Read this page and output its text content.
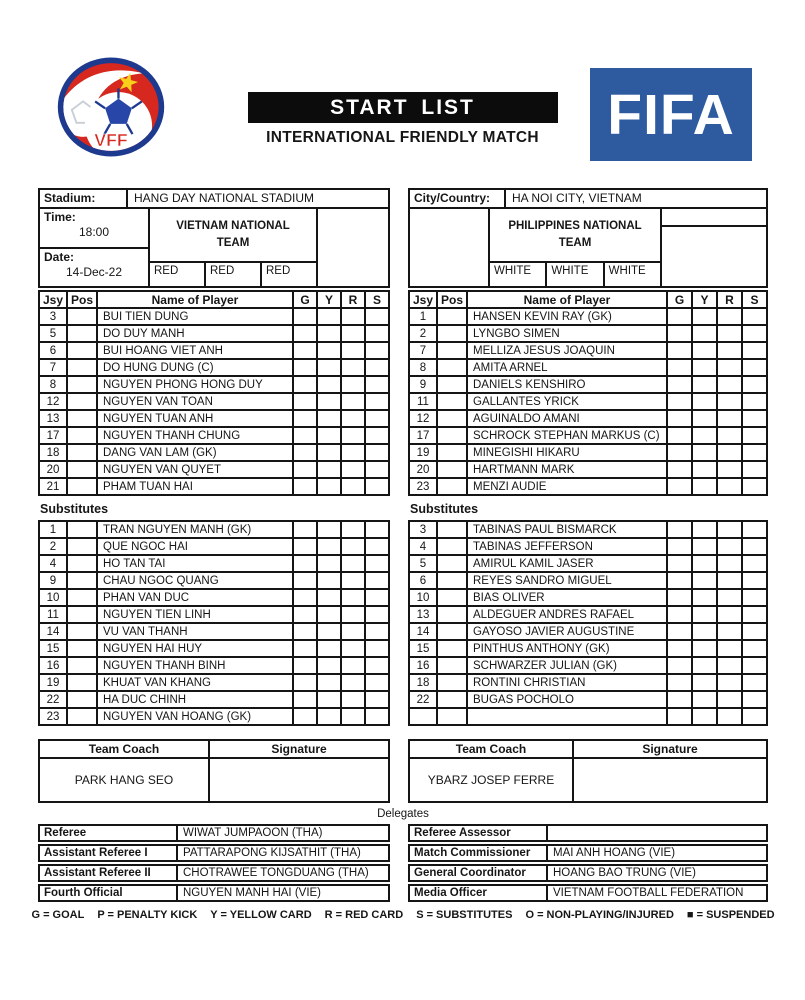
VFF
START LIST
INTERNATIONAL FRIENDLY MATCH	FIFA
Stadium:	HANG DAY NATIONAL STADIUM
Time:
18:00
Date:
14-Dec-22
VIETNAM NATIONAL TEAM
RED	RED	RED
City/Country:	HA NOI CITY, VIETNAM
PHILIPPINES NATIONAL TEAM
WHITE	WHITE	WHITE
Jsy	Pos	Name of Player	G	Y	R	S
3		BUI TIEN DUNG				
5		DO DUY MANH				
6		BUI HOANG VIET ANH				
7		DO HUNG DUNG (C)				
8		NGUYEN PHONG HONG DUY				
12		NGUYEN VAN TOAN				
13		NGUYEN TUAN ANH				
17		NGUYEN THANH CHUNG				
18		DANG VAN LAM (GK)				
20		NGUYEN VAN QUYET				
21		PHAM TUAN HAI				
Jsy	Pos	Name of Player	G	Y	R	S
1		HANSEN KEVIN RAY (GK)				
2		LYNGBO SIMEN				
7		MELLIZA JESUS JOAQUIN				
8		AMITA ARNEL				
9		DANIELS KENSHIRO				
11		GALLANTES YRICK				
12		AGUINALDO AMANI				
17		SCHROCK STEPHAN MARKUS (C)				
19		MINEGISHI HIKARU				
20		HARTMANN MARK				
23		MENZI AUDIE				
Substitutes	Substitutes
1		TRAN NGUYEN MANH (GK)				
2		QUE NGOC HAI				
4		HO TAN TAI				
9		CHAU NGOC QUANG				
10		PHAN VAN DUC				
11		NGUYEN TIEN LINH				
14		VU VAN THANH				
15		NGUYEN HAI HUY				
16		NGUYEN THANH BINH				
19		KHUAT VAN KHANG				
22		HA DUC CHINH				
23		NGUYEN VAN HOANG (GK)				
3		TABINAS PAUL BISMARCK				
4		TABINAS JEFFERSON				
5		AMIRUL KAMIL JASER				
6		REYES SANDRO MIGUEL				
10		BIAS OLIVER				
13		ALDEGUER ANDRES RAFAEL				
14		GAYOSO JAVIER AUGUSTINE				
15		PINTHUS ANTHONY (GK)				
16		SCHWARZER JULIAN (GK)				
18		RONTINI CHRISTIAN				
22		BUGAS POCHOLO				

Team Coach	Signature
PARK HANG SEO	
Team Coach	Signature
YBARZ JOSEP FERRE	
Delegates
Referee	WIWAT JUMPAOON (THA)
Assistant Referee I	PATTARAPONG KIJSATHIT (THA)
Assistant Referee II	CHOTRAWEE TONGDUANG (THA)
Fourth Official	NGUYEN MANH HAI (VIE)
Referee Assessor
Match Commissioner	MAI ANH HOANG (VIE)
General Coordinator	HOANG BAO TRUNG (VIE)
Media Officer	VIETNAM FOOTBALL FEDERATION
G = GOAL P = PENALTY KICK Y = YELLOW CARD R = RED CARD S = SUBSTITUTES O = NON-PLAYING/INJURED ■ = SUSPENDED
